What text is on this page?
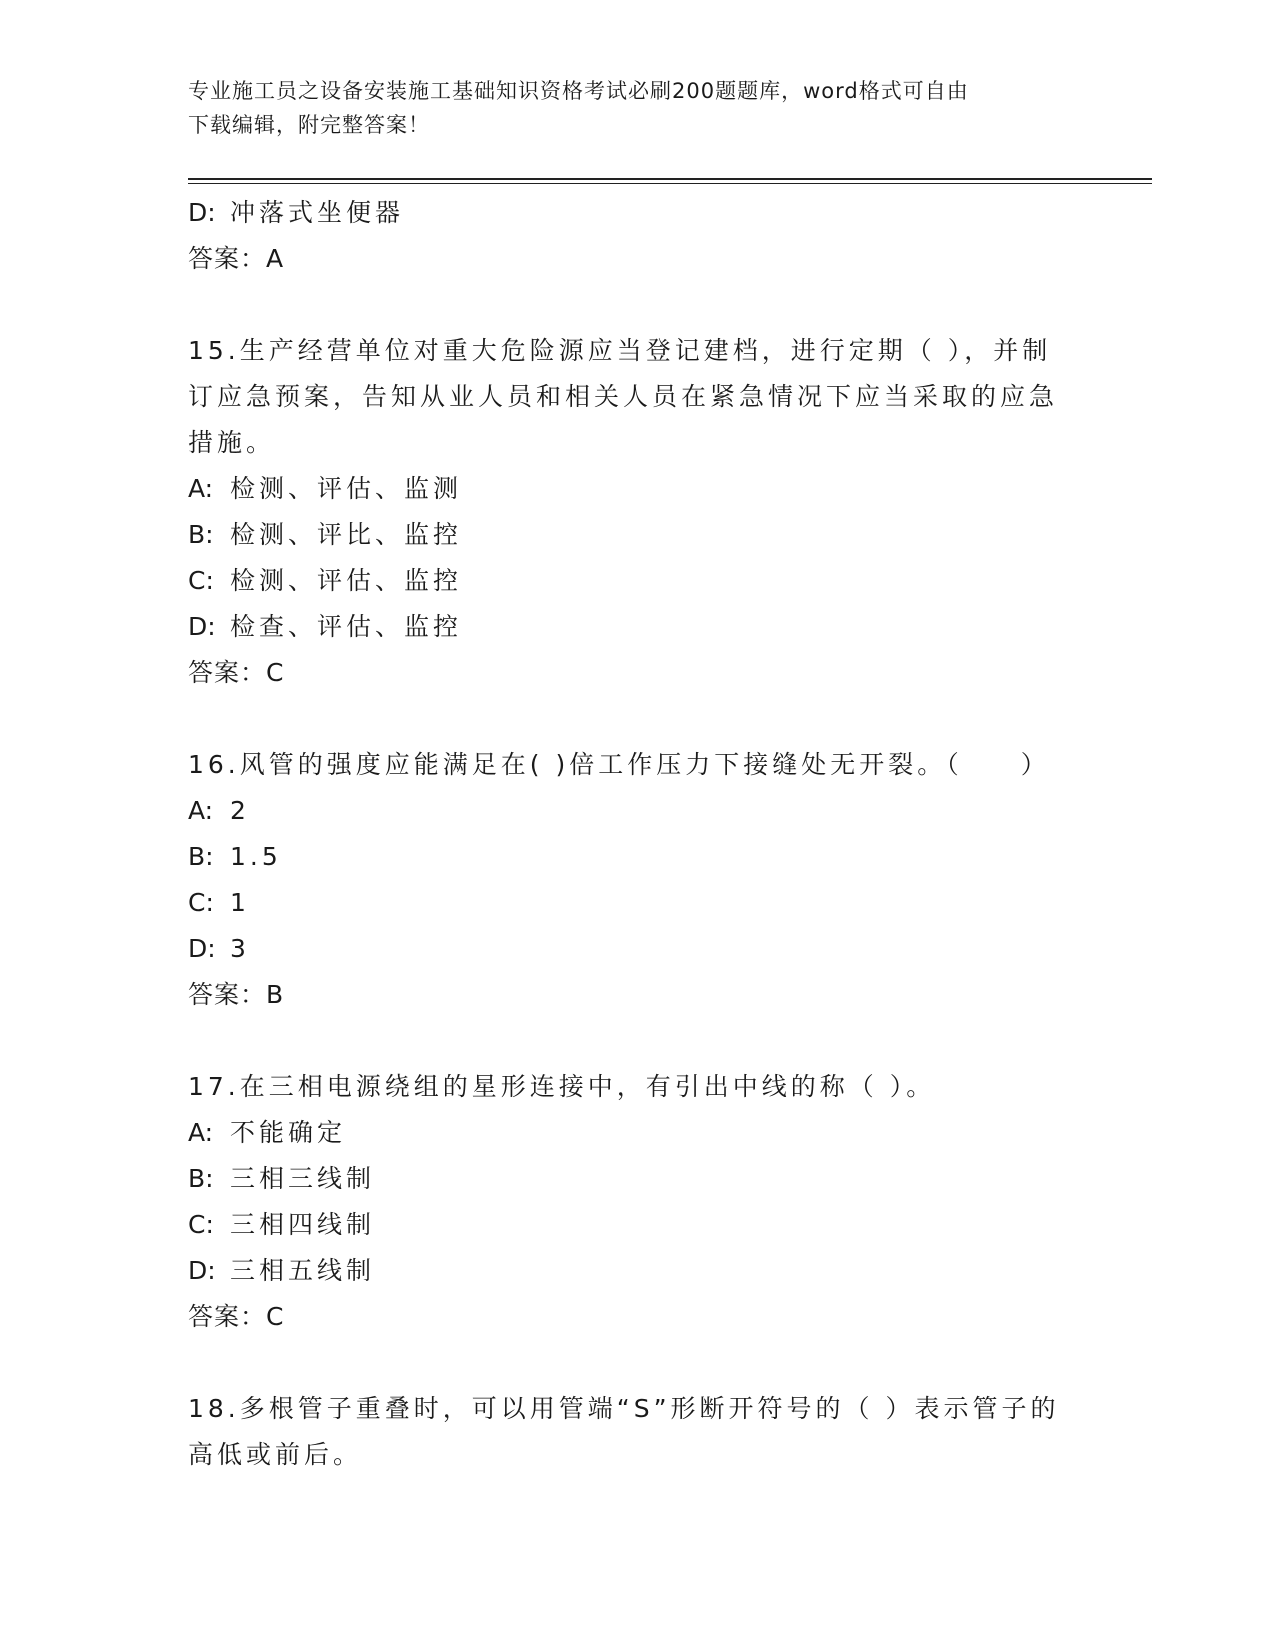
专业施工员之设备安装施工基础知识资格考试必刷200题题库，word格式可自由
下载编辑，附完整答案！
D: 冲落式坐便器
答案：A
15.生产经营单位对重大危险源应当登记建档，进行定期（ ），并制
订应急预案，告知从业人员和相关人员在紧急情况下应当采取的应急
措施。
A: 检测、评估、监测
B: 检测、评比、监控
C: 检测、评估、监控
D: 检查、评估、监控
答案：C
16.风管的强度应能满足在( )倍工作压力下接缝处无开裂。（　　）
A: 2
B: 1.5
C: 1
D: 3
答案：B
17.在三相电源绕组的星形连接中，有引出中线的称（ ）。
A: 不能确定
B: 三相三线制
C: 三相四线制
D: 三相五线制
答案：C
18.多根管子重叠时，可以用管端“S”形断开符号的（ ）表示管子的
高低或前后。
